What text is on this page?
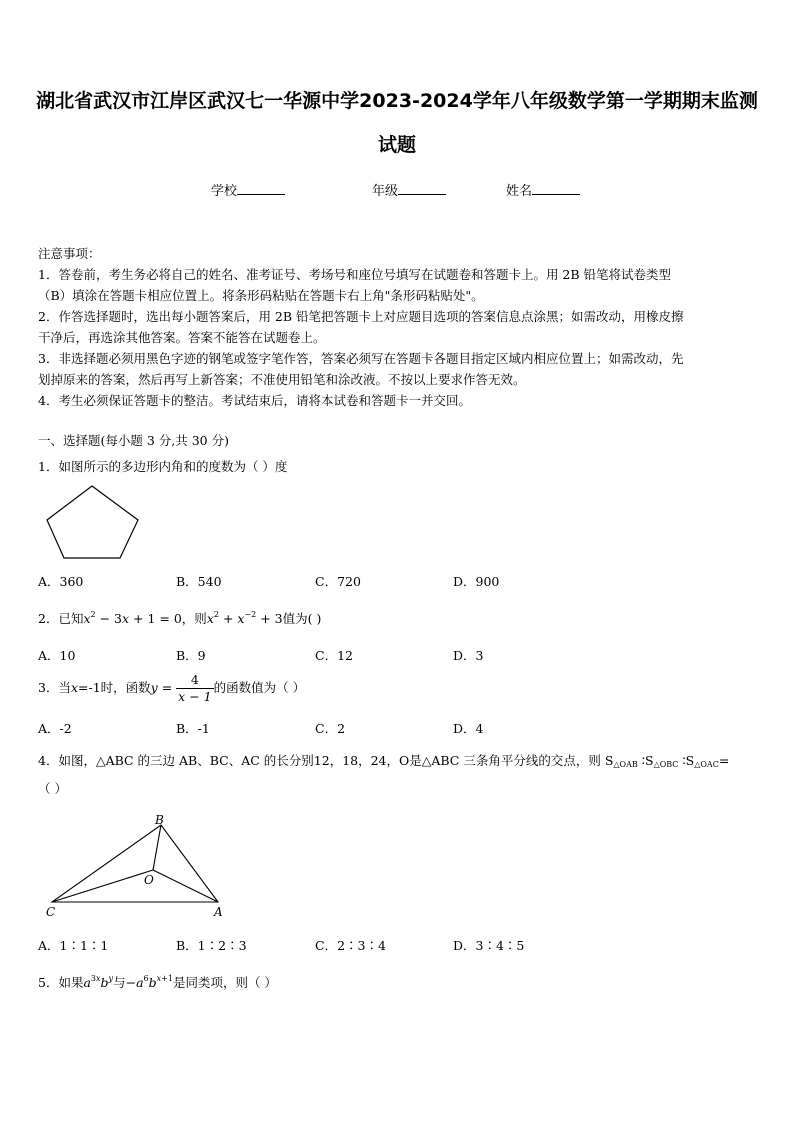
湖北省武汉市江岸区武汉七一华源中学2023-2024学年八年级数学第一学期期末监测
试题
学校	年级	姓名
注意事项：
1．答卷前，考生务必将自己的姓名、准考证号、考场号和座位号填写在试题卷和答题卡上。用 2B 铅笔将试卷类型
（B）填涂在答题卡相应位置上。将条形码粘贴在答题卡右上角"条形码粘贴处"。
2．作答选择题时，选出每小题答案后，用 2B 铅笔把答题卡上对应题目选项的答案信息点涂黑；如需改动，用橡皮擦
干净后，再选涂其他答案。答案不能答在试题卷上。
3．非选择题必须用黑色字迹的钢笔或签字笔作答，答案必须写在答题卡各题目指定区域内相应位置上；如需改动，先
划掉原来的答案，然后再写上新答案；不准使用铅笔和涂改液。不按以上要求作答无效。
4．考生必须保证答题卡的整洁。考试结束后，请将本试卷和答题卡一并交回。
一、选择题(每小题 3 分,共 30 分)
1．如图所示的多边形内角和的度数为（ ）度
A．360	B．540	C．720	D．900
2．已知$x^2 - 3x + 1 = 0$，则$x^2 + x^{-2} + 3$值为( )
A．10	B．9	C．12	D．3
3．当x=-1时，函数$y = \frac{4}{x - 1}$ 的函数值为（ ）
A．-2	B．-1	C．2	D．4
4．如图，△ABC 的三边 AB、BC、AC 的长分别12，18，24，O是△ABC 三条角平分线的交点，则 $S_{\triangle OAB}$ $∶S_{\triangle OBC}$ $∶S_{\triangle OAC}=$
（ ）
B
O
C	A
A．1∶1∶1	B．1∶2∶3	C．2∶3∶4	D．3∶4∶5
5．如果$a^{3x}b^y$与$-a^6b^{x+1}$是同类项，则（ ）
